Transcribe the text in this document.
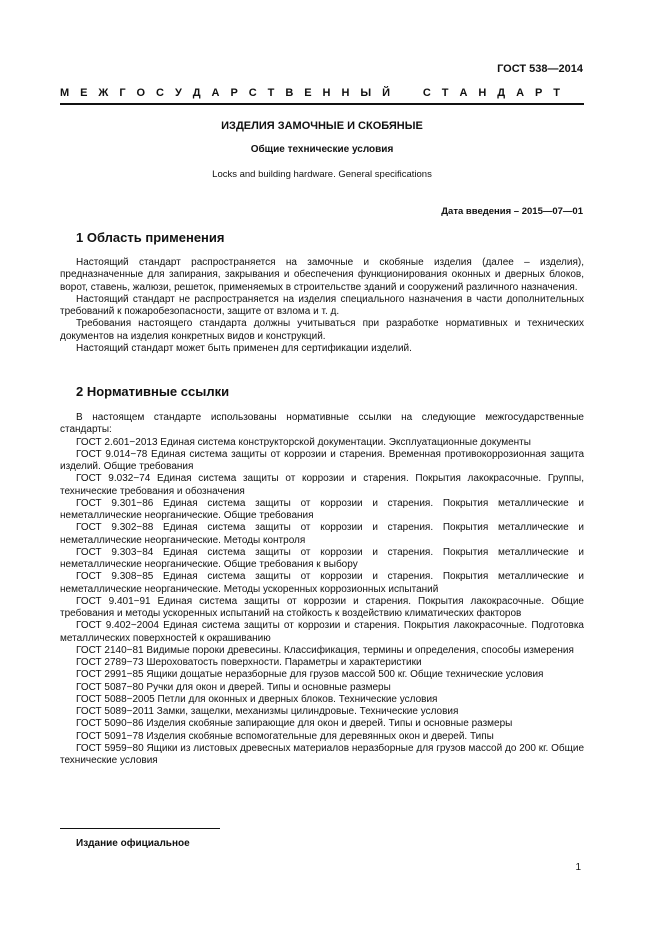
ГОСТ 538—2014
М Е Ж Г О С У Д А Р С Т В Е Н Н Ы Й	С Т А Н Д А Р Т
ИЗДЕЛИЯ ЗАМОЧНЫЕ И СКОБЯНЫЕ
Общие технические условия
Locks and building hardware. General specifications
Дата введения – 2015—07—01
1 Область применения

Настоящий стандарт распространяется на замочные и скобяные изделия (далее – изделия), предназначенные для запирания, закрывания и обеспечения функционирования оконных и дверных блоков, ворот, ставень, жалюзи, решеток, применяемых в строительстве зданий и сооружений различного назначения.

Настоящий стандарт не распространяется на изделия специального назначения в части дополнительных требований к пожаробезопасности, защите от взлома и т. д.

Требования настоящего стандарта должны учитываться при разработке нормативных и технических документов на изделия конкретных видов и конструкций.

Настоящий стандарт может быть применен для сертификации изделий.

2 Нормативные ссылки

В настоящем стандарте использованы нормативные ссылки на следующие межгосударственные стандарты:

ГОСТ 2.601−2013 Единая система конструкторской документации. Эксплуатационные документы

ГОСТ 9.014−78 Единая система защиты от коррозии и старения. Временная противокоррозионная защита изделий. Общие требования

ГОСТ 9.032−74 Единая система защиты от коррозии и старения. Покрытия лакокрасочные. Группы, технические требования и обозначения

ГОСТ 9.301−86 Единая система защиты от коррозии и старения. Покрытия металлические и неметаллические неорганические. Общие требования

ГОСТ 9.302−88 Единая система защиты от коррозии и старения. Покрытия металлические и неметаллические неорганические. Методы контроля

ГОСТ 9.303−84 Единая система защиты от коррозии и старения. Покрытия металлические и неметаллические неорганические. Общие требования к выбору

ГОСТ 9.308−85 Единая система защиты от коррозии и старения. Покрытия металлические и неметаллические неорганические. Методы ускоренных коррозионных испытаний

ГОСТ 9.401−91 Единая система защиты от коррозии и старения. Покрытия лакокрасочные. Общие требования и методы ускоренных испытаний на стойкость к воздействию климатических факторов

ГОСТ 9.402−2004 Единая система защиты от коррозии и старения. Покрытия лакокрасочные. Подготовка металлических поверхностей к окрашиванию

ГОСТ 2140−81 Видимые пороки древесины. Классификация, термины и определения, способы измерения

ГОСТ 2789−73 Шероховатость поверхности. Параметры и характеристики

ГОСТ 2991−85 Ящики дощатые неразборные для грузов массой 500 кг. Общие технические условия

ГОСТ 5087−80 Ручки для окон и дверей. Типы и основные размеры

ГОСТ 5088−2005 Петли для оконных и дверных блоков. Технические условия

ГОСТ 5089−2011 Замки, защелки, механизмы цилиндровые. Технические условия

ГОСТ 5090−86 Изделия скобяные запирающие для окон и дверей. Типы и основные размеры

ГОСТ 5091−78 Изделия скобяные вспомогательные для деревянных окон и дверей. Типы

ГОСТ 5959−80 Ящики из листовых древесных материалов неразборные для грузов массой до 200 кг. Общие технические условия

Издание официальное
1
